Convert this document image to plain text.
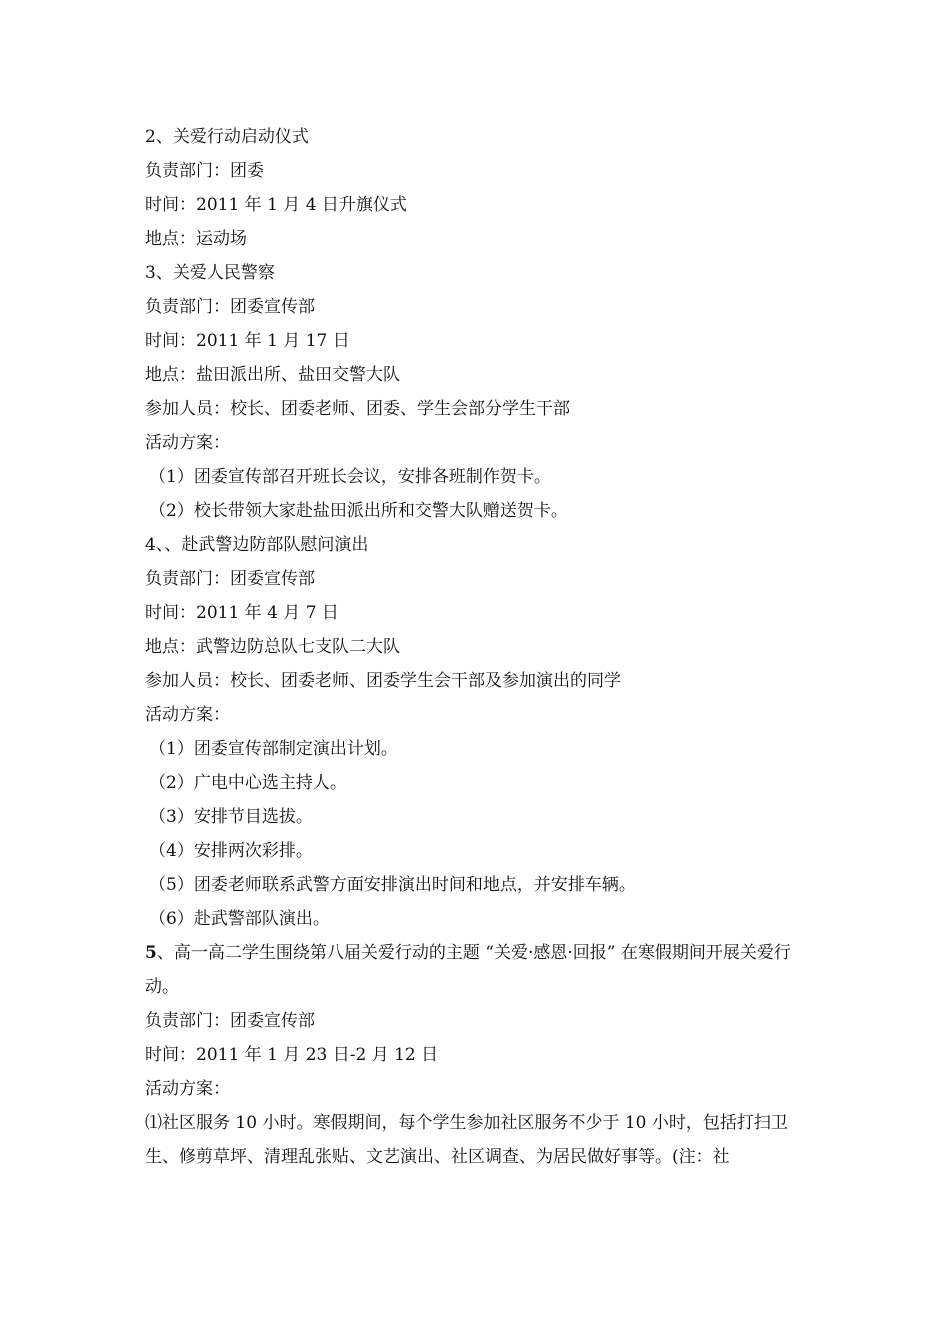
2、关爱行动启动仪式
负责部门：团委
时间：2011 年 1 月 4 日升旗仪式
地点：运动场
3、关爱人民警察
负责部门：团委宣传部
时间：2011 年 1 月 17 日
地点：盐田派出所、盐田交警大队
参加人员：校长、团委老师、团委、学生会部分学生干部
活动方案：
（1）团委宣传部召开班长会议，安排各班制作贺卡。
（2）校长带领大家赴盐田派出所和交警大队赠送贺卡。
4、、赴武警边防部队慰问演出
负责部门：团委宣传部
时间：2011 年 4 月 7 日
地点：武警边防总队七支队二大队
参加人员：校长、团委老师、团委学生会干部及参加演出的同学
活动方案：
（1）团委宣传部制定演出计划。
（2）广电中心选主持人。
（3）安排节目选拔。
（4）安排两次彩排。
（5）团委老师联系武警方面安排演出时间和地点，并安排车辆。
（6）赴武警部队演出。
5、高一高二学生围绕第八届关爱行动的主题 “关爱·感恩·回报” 在寒假期间开展关爱行动。
负责部门：团委宣传部
时间：2011 年 1 月 23 日-2 月 12 日
活动方案：
⑴社区服务 10 小时。寒假期间，每个学生参加社区服务不少于 10 小时，包括打扫卫生、修剪草坪、清理乱张贴、文艺演出、社区调查、为居民做好事等。(注：社
